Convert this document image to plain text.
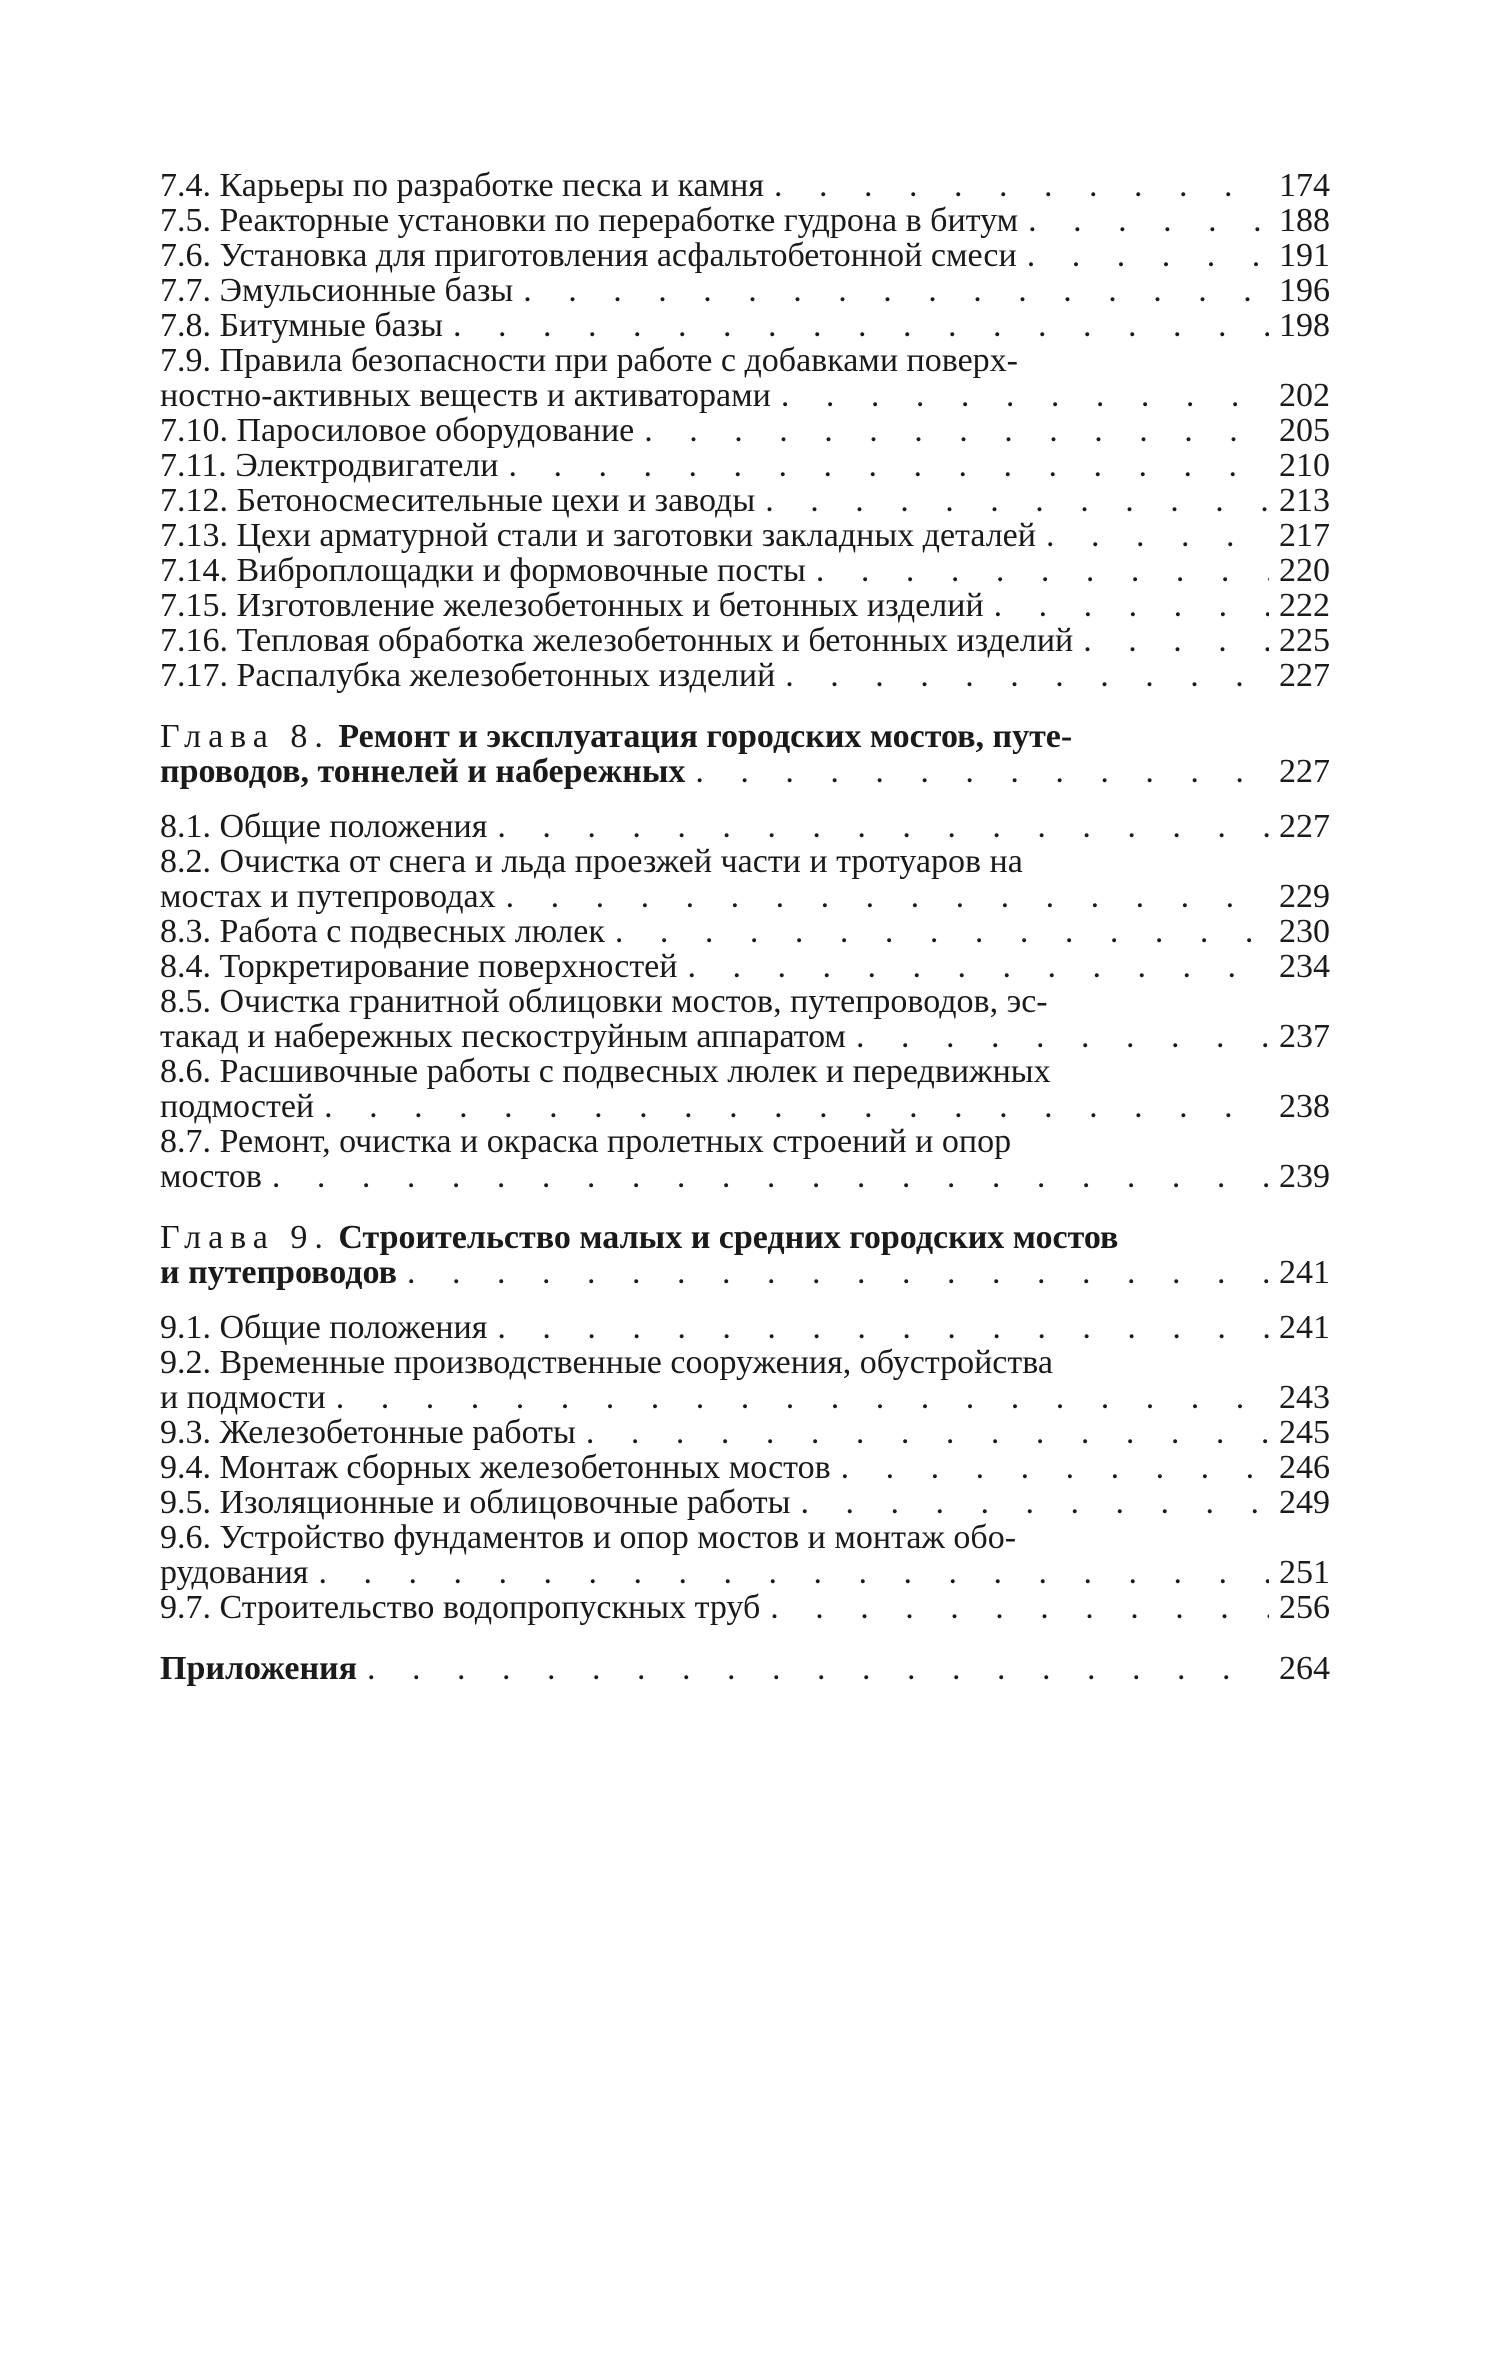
7.4. Карьеры по разработке песка и камня . . .	174
7.5. Реакторные установки по переработке гудрона в битум . . .	188
7.6. Установка для приготовления асфальтобетонной смеси . . .	191
7.7. Эмульсионные базы . . .	196
7.8. Битумные базы . . .	198
7.9. Правила безопасности при работе с добавками поверх-
ностно-активных веществ и активаторами . . .	202
7.10. Паросиловое оборудование . . .	205
7.11. Электродвигатели . . .	210
7.12. Бетоносмесительные цехи и заводы . . .	213
7.13. Цехи арматурной стали и заготовки закладных деталей . . .	217
7.14. Виброплощадки и формовочные посты . . .	220
7.15. Изготовление железобетонных и бетонных изделий . . .	222
7.16. Тепловая обработка железобетонных и бетонных изделий . . .	225
7.17. Распалубка железобетонных изделий . . .	227
Глава 8. Ремонт и эксплуатация городских мостов, путе-
проводов, тоннелей и набережных . . .	227
8.1. Общие положения . . .	227
8.2. Очистка от снега и льда проезжей части и тротуаров на
мостах и путепроводах . . .	229
8.3. Работа с подвесных люлек . . .	230
8.4. Торкретирование поверхностей . . .	234
8.5. Очистка гранитной облицовки мостов, путепроводов, эс-
такад и набережных пескоструйным аппаратом . . .	237
8.6. Расшивочные работы с подвесных люлек и передвижных
подмостей . . .	238
8.7. Ремонт, очистка и окраска пролетных строений и опор
мостов . . .	239
Глава 9. Строительство малых и средних городских мостов
и путепроводов . . .	241
9.1. Общие положения . . .	241
9.2. Временные производственные сооружения, обустройства
и подмости . . .	243
9.3. Железобетонные работы . . .	245
9.4. Монтаж сборных железобетонных мостов . . .	246
9.5. Изоляционные и облицовочные работы . . .	249
9.6. Устройство фундаментов и опор мостов и монтаж обо-
рудования . . .	251
9.7. Строительство водопропускных труб . . .	256
Приложения . . .	264
